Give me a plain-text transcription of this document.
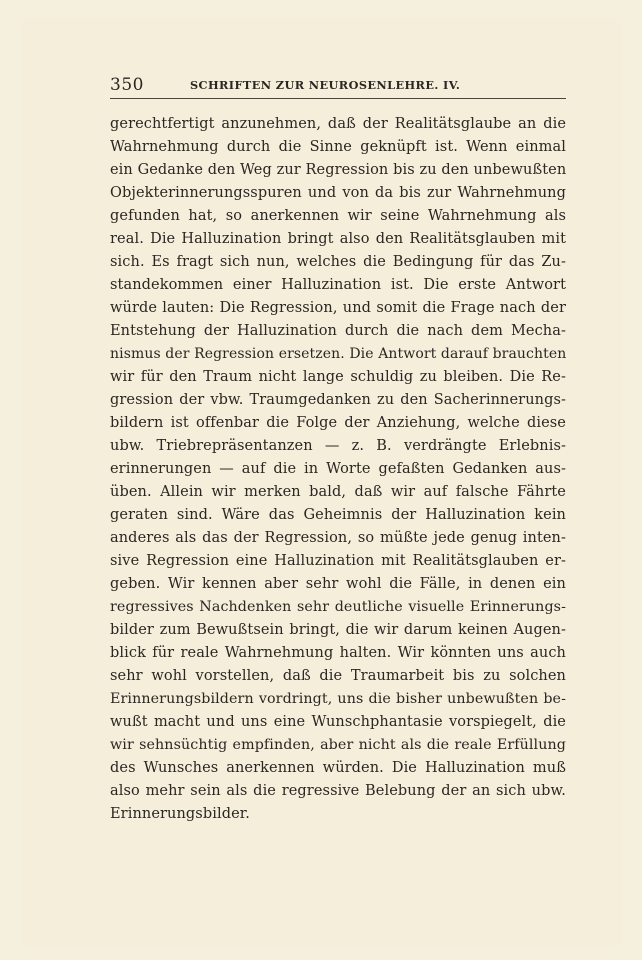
350	SCHRIFTEN ZUR NEUROSENLEHRE. IV.
gerechtfertigt anzunehmen, daß der Realitätsglaube an die
Wahrnehmung durch die Sinne geknüpft ist. Wenn einmal
ein Gedanke den Weg zur Regression bis zu den unbewußten
Objekterinnerungsspuren und von da bis zur Wahrnehmung
gefunden hat, so anerkennen wir seine Wahrnehmung als
real. Die Halluzination bringt also den Realitätsglauben mit
sich. Es fragt sich nun, welches die Bedingung für das Zu-
standekommen einer Halluzination ist. Die erste Antwort
würde lauten: Die Regression, und somit die Frage nach der
Entstehung der Halluzination durch die nach dem Mecha-
nismus der Regression ersetzen. Die Antwort darauf brauchten
wir für den Traum nicht lange schuldig zu bleiben. Die Re-
gression der vbw. Traumgedanken zu den Sacherinnerungs-
bildern ist offenbar die Folge der Anziehung, welche diese
ubw. Triebrepräsentanzen — z. B. verdrängte Erlebnis-
erinnerungen — auf die in Worte gefaßten Gedanken aus-
üben. Allein wir merken bald, daß wir auf falsche Fährte
geraten sind. Wäre das Geheimnis der Halluzination kein
anderes als das der Regression, so müßte jede genug inten-
sive Regression eine Halluzination mit Realitätsglauben er-
geben. Wir kennen aber sehr wohl die Fälle, in denen ein
regressives Nachdenken sehr deutliche visuelle Erinnerungs-
bilder zum Bewußtsein bringt, die wir darum keinen Augen-
blick für reale Wahrnehmung halten. Wir könnten uns auch
sehr wohl vorstellen, daß die Traumarbeit bis zu solchen
Erinnerungsbildern vordringt, uns die bisher unbewußten be-
wußt macht und uns eine Wunschphantasie vorspiegelt, die
wir sehnsüchtig empfinden, aber nicht als die reale Erfüllung
des Wunsches anerkennen würden. Die Halluzination muß
also mehr sein als die regressive Belebung der an sich ubw.
Erinnerungsbilder.
